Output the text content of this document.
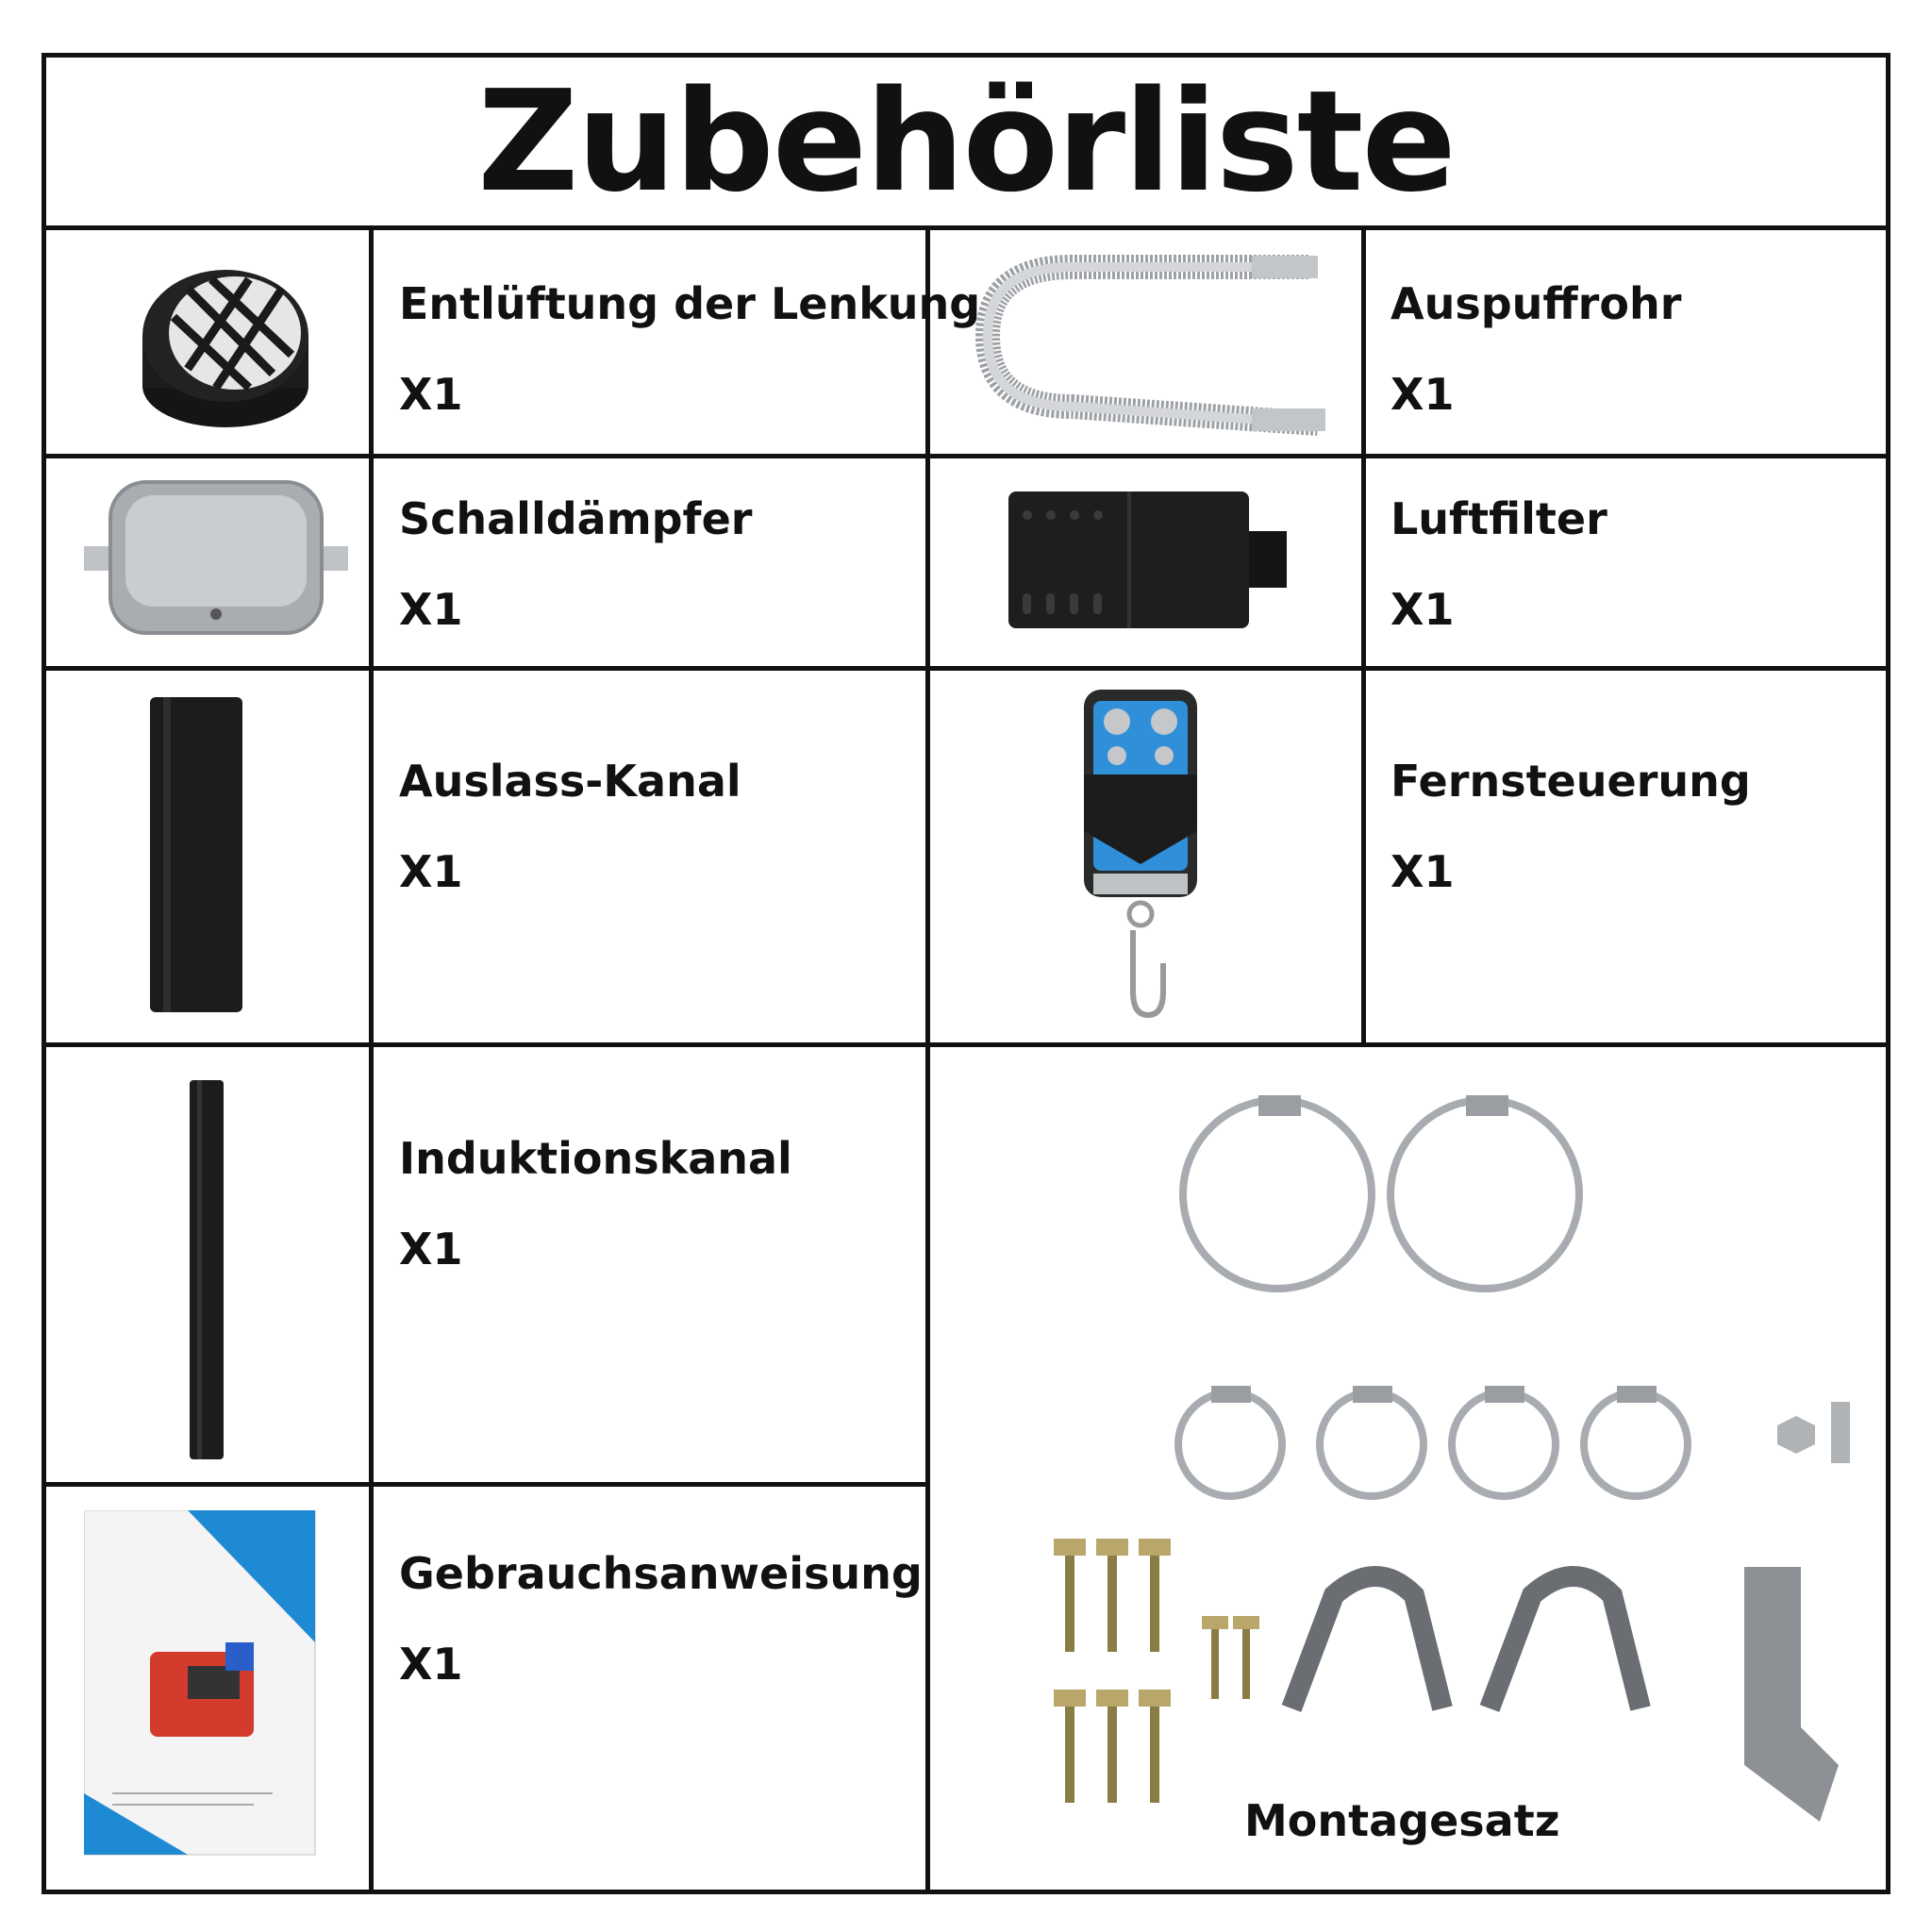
Zubehörliste
Entlüftung der Lenkung
X1
Auspuffrohr
X1
Schalldämpfer
X1
Luftfilter
X1
Auslass-Kanal
X1
Fernsteuerung
X1
Induktionskanal
X1
Gebrauchsanweisung
X1
Montagesatz
